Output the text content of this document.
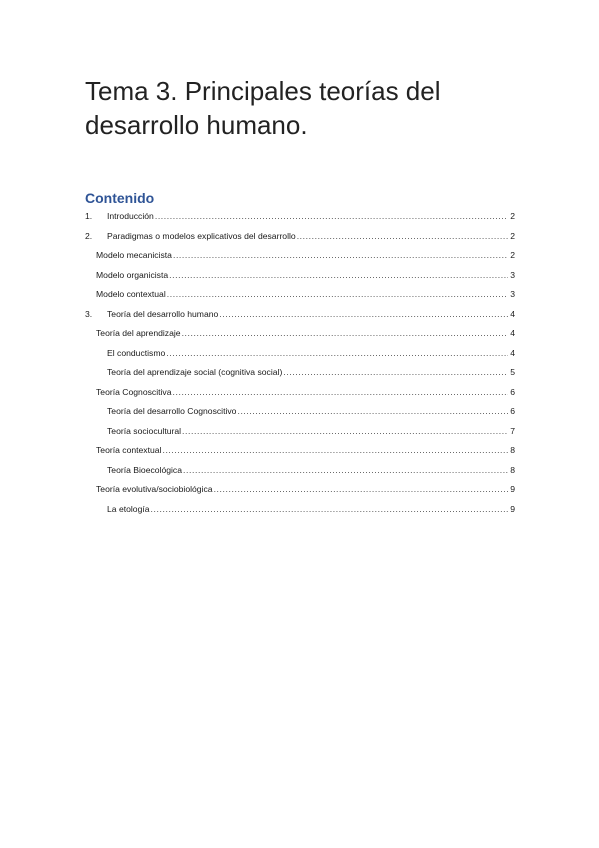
Tema 3. Principales teorías del
desarrollo humano.
Contenido
1.	Introducción .....	2
2.	Paradigmas o modelos explicativos del desarrollo .....	2
Modelo mecanicista .....	2
Modelo organicista .....	3
Modelo contextual .....	3
3.	Teoría del desarrollo humano .....	4
Teoría del aprendizaje .....	4
El conductismo .....	4
Teoría del aprendizaje social (cognitiva social) .....	5
Teoría Cognoscitiva .....	6
Teoría del desarrollo Cognoscitivo .....	6
Teoría sociocultural .....	7
Teoría contextual .....	8
Teoría Bioecológica .....	8
Teoría evolutiva/sociobiológica .....	9
La etología .....	9
